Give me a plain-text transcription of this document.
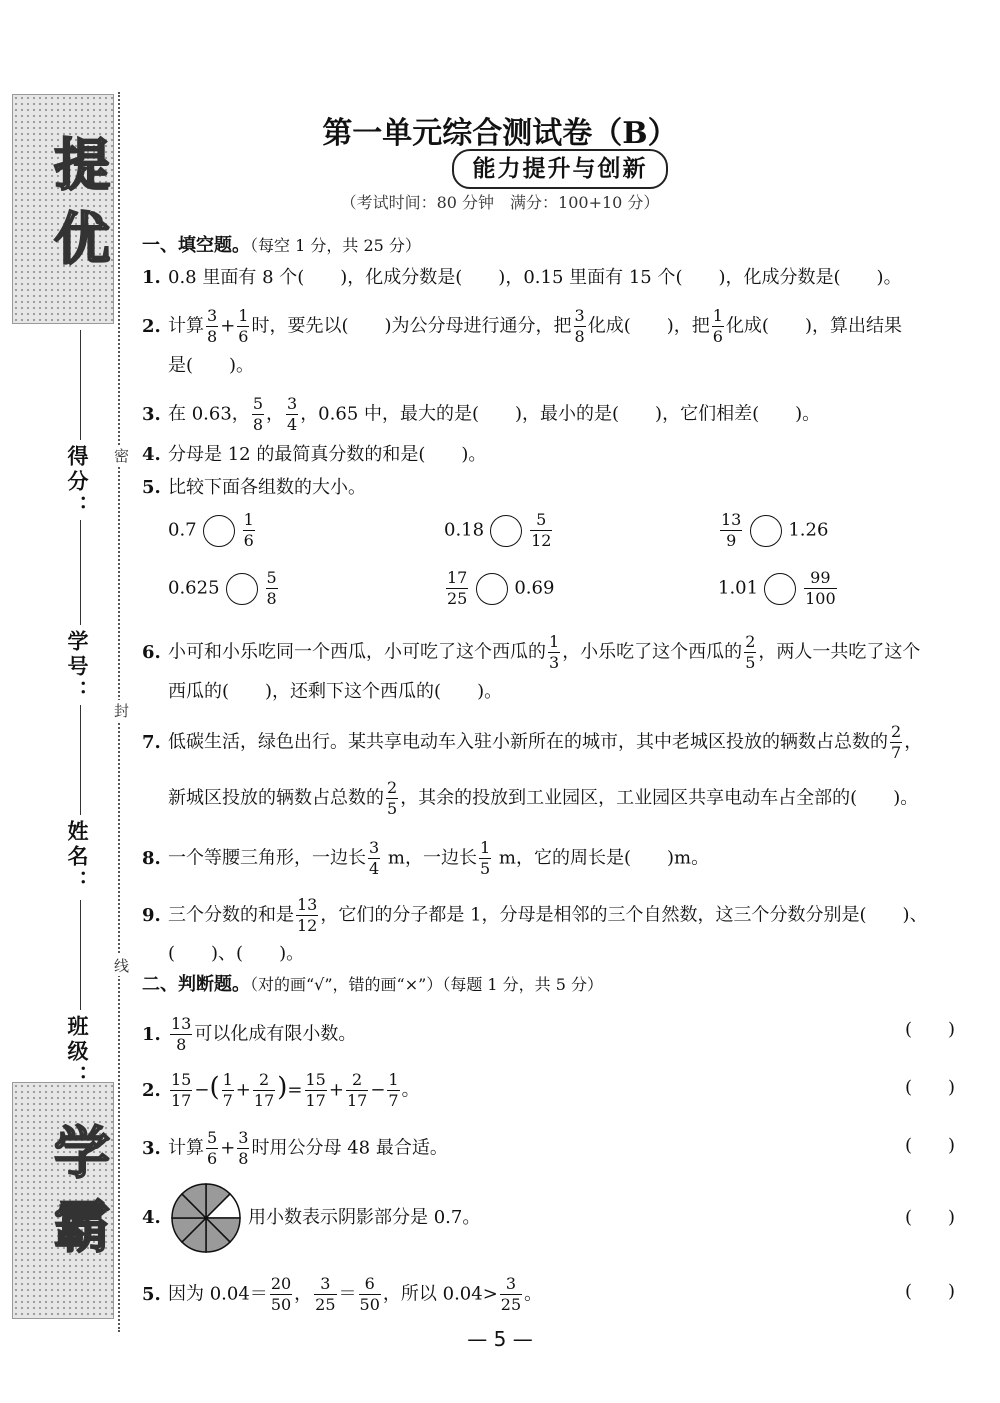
提优
学霸
得分：
学号：
姓名：
班级：
密
封
线
第一单元综合测试卷（B）
能力提升与创新
（考试时间：80 分钟　满分：100+10 分）
一、填空题。（每空 1 分，共 25 分）
1. 0.8 里面有 8 个(　　)，化成分数是(　　)，0.15 里面有 15 个(　　)，化成分数是(　　)。
2. 计算 $\frac{3}{8} + \frac{1}{6}$ 时，要先以(　　)为公分母进行通分，把 $\frac{3}{8}$ 化成(　　)，把 $\frac{1}{6}$ 化成(　　)，算出结果
是(　　)。
3. 在 0.63， $\frac{5}{8}$ ， $\frac{3}{4}$ ，0.65 中，最大的是(　　)，最小的是(　　)，它们相差(　　)。
4. 分母是 12 的最简真分数的和是(　　)。
5. 比较下面各组数的大小。
0.7	$\frac{1}{6}$	0.18	$\frac{5}{12}$	$\frac{13}{9}$	1.26
0.625	$\frac{5}{8}$	$\frac{17}{25}$	0.69	1.01	$\frac{99}{100}$
6. 小可和小乐吃同一个西瓜，小可吃了这个西瓜的 $\frac{1}{3}$ ，小乐吃了这个西瓜的 $\frac{2}{5}$ ，两人一共吃了这个
西瓜的(　　)，还剩下这个西瓜的(　　)。
7. 低碳生活，绿色出行。某共享电动车入驻小新所在的城市，其中老城区投放的辆数占总数的 $\frac{2}{7}$ ，
新城区投放的辆数占总数的 $\frac{2}{5}$ ，其余的投放到工业园区，工业园区共享电动车占全部的(　　)。
8. 一个等腰三角形，一边长 $\frac{3}{4}$ m，一边长 $\frac{1}{5}$ m，它的周长是(　　)m。
9. 三个分数的和是 $\frac{13}{12}$ ，它们的分子都是 1，分母是相邻的三个自然数，这三个分数分别是(　　)、
(　　)、(　　)。
二、判断题。（对的画“√”，错的画“×”）（每题 1 分，共 5 分）
1. $\frac{13}{8}$ 可以化成有限小数。	(　　)
2. $\frac{15}{17}$ −( $\frac{1}{7} + \frac{2}{17}$ )= $\frac{15}{17} + \frac{2}{17} - \frac{1}{7}$ 。	(　　)
3. 计算 $\frac{5}{6} + \frac{3}{8}$ 时用公分母 48 最合适。	(　　)
4.	用小数表示阴影部分是 0.7。	(　　)
5. 因为 $0.04= \frac{20}{50}$ ， $\frac{3}{25} = \frac{6}{50}$ ，所以 $0.04> \frac{3}{25}$ 。	(　　)
— 5 —
